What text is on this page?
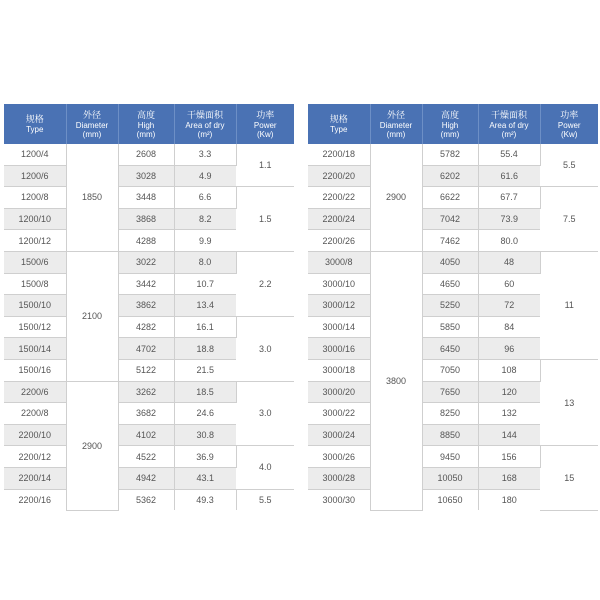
规格
Type	外径
Diameter
(mm)	高度
High
(mm)	干燥面积
Area of dry
(m²)	功率
Power
(Kw)

1200/4	1850	2608	3.3	1.1
1200/6		3028	4.9	
1200/8		3448	6.6	1.5
1200/10		3868	8.2	
1200/12		4288	9.9	
1500/6	2100	3022	8.0	2.2
1500/8		3442	10.7	
1500/10		3862	13.4	
1500/12		4282	16.1	3.0
1500/14		4702	18.8	
1500/16		5122	21.5	
2200/6	2900	3262	18.5	3.0
2200/8		3682	24.6	
2200/10		4102	30.8	
2200/12		4522	36.9	4.0
2200/14		4942	43.1	
2200/16		5362	49.3	5.5
规格
Type	外径
Diameter
(mm)	高度
High
(mm)	干燥面积
Area of dry
(m²)	功率
Power
(Kw)

2200/18	2900	5782	55.4	5.5
2200/20		6202	61.6	
2200/22		6622	67.7	7.5
2200/24		7042	73.9	
2200/26		7462	80.0	
3000/8	3800	4050	48	11
3000/10		4650	60	
3000/12		5250	72	
3000/14		5850	84	
3000/16		6450	96	
3000/18		7050	108	13
3000/20		7650	120	
3000/22		8250	132	
3000/24		8850	144	
3000/26		9450	156	15
3000/28		10050	168	
3000/30		10650	180	
